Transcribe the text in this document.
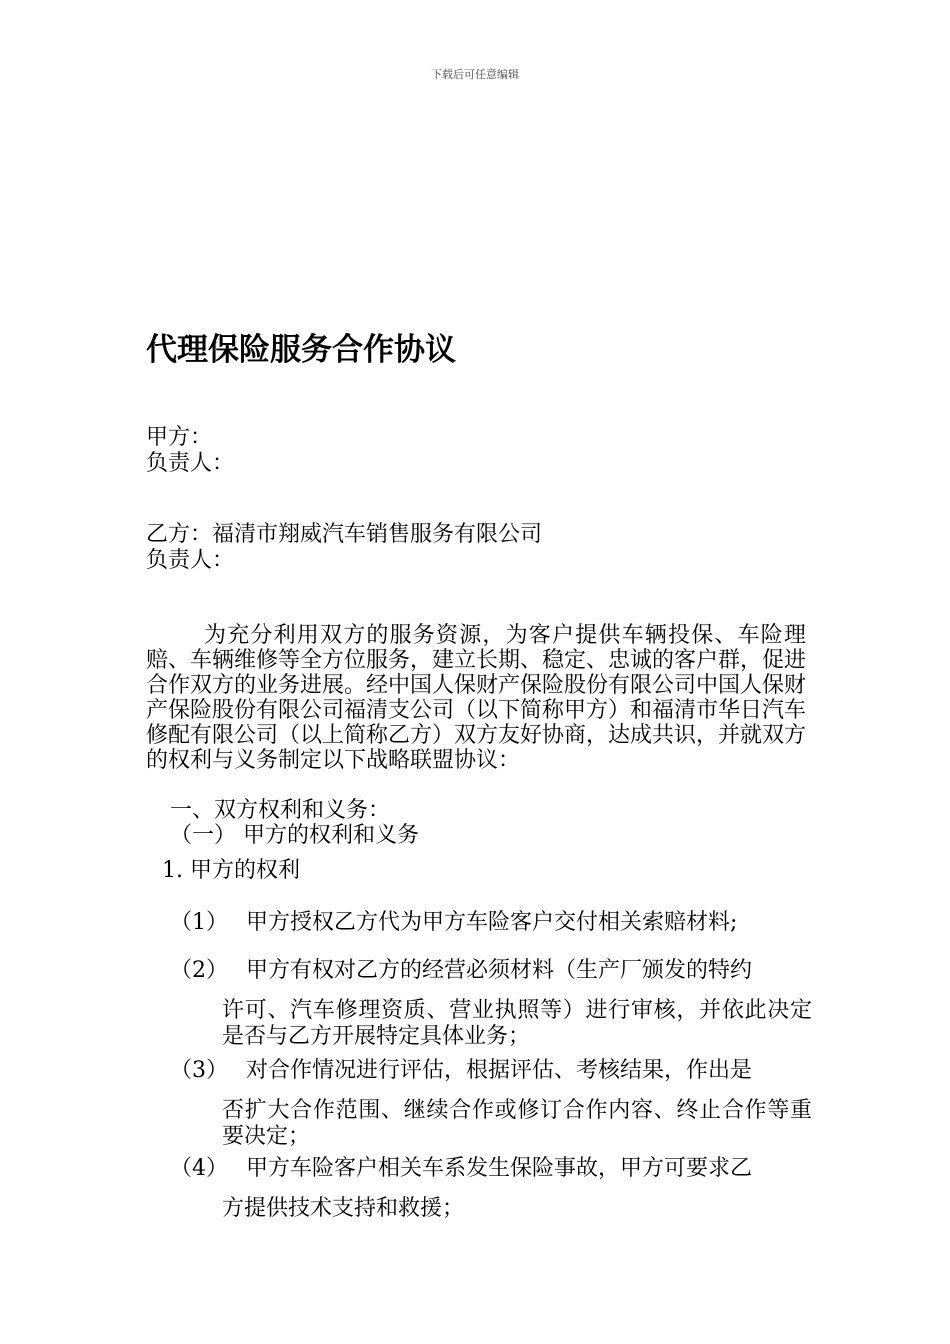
下载后可任意编辑
代理保险服务合作协议
甲方：
负责人：
乙方：福清市翔威汽车销售服务有限公司
负责人：

为充分利用双方的服务资源，为客户提供车辆投保、车险理赔、车辆维修等全方位服务，建立长期、稳定、忠诚的客户群，促进合作双方的业务进展。经中国人保财产保险股份有限公司中国人保财产保险股份有限公司福清支公司（以下简称甲方）和福清市华日汽车修配有限公司（以上简称乙方）双方友好协商，达成共识，并就双方的权利与义务制定以下战略联盟协议：

一、双方权利和义务：
（一） 甲方的权利和义务
1. 甲方的权利
（1） 甲方授权乙方代为甲方车险客户交付相关索赔材料;
（2） 甲方有权对乙方的经营必须材料（生产厂颁发的特约
许可、汽车修理资质、营业执照等）进行审核，并依此决定是否与乙方开展特定具体业务；
（3） 对合作情况进行评估，根据评估、考核结果，作出是
否扩大合作范围、继续合作或修订合作内容、终止合作等重要决定；
（4） 甲方车险客户相关车系发生保险事故，甲方可要求乙
方提供技术支持和救援；
